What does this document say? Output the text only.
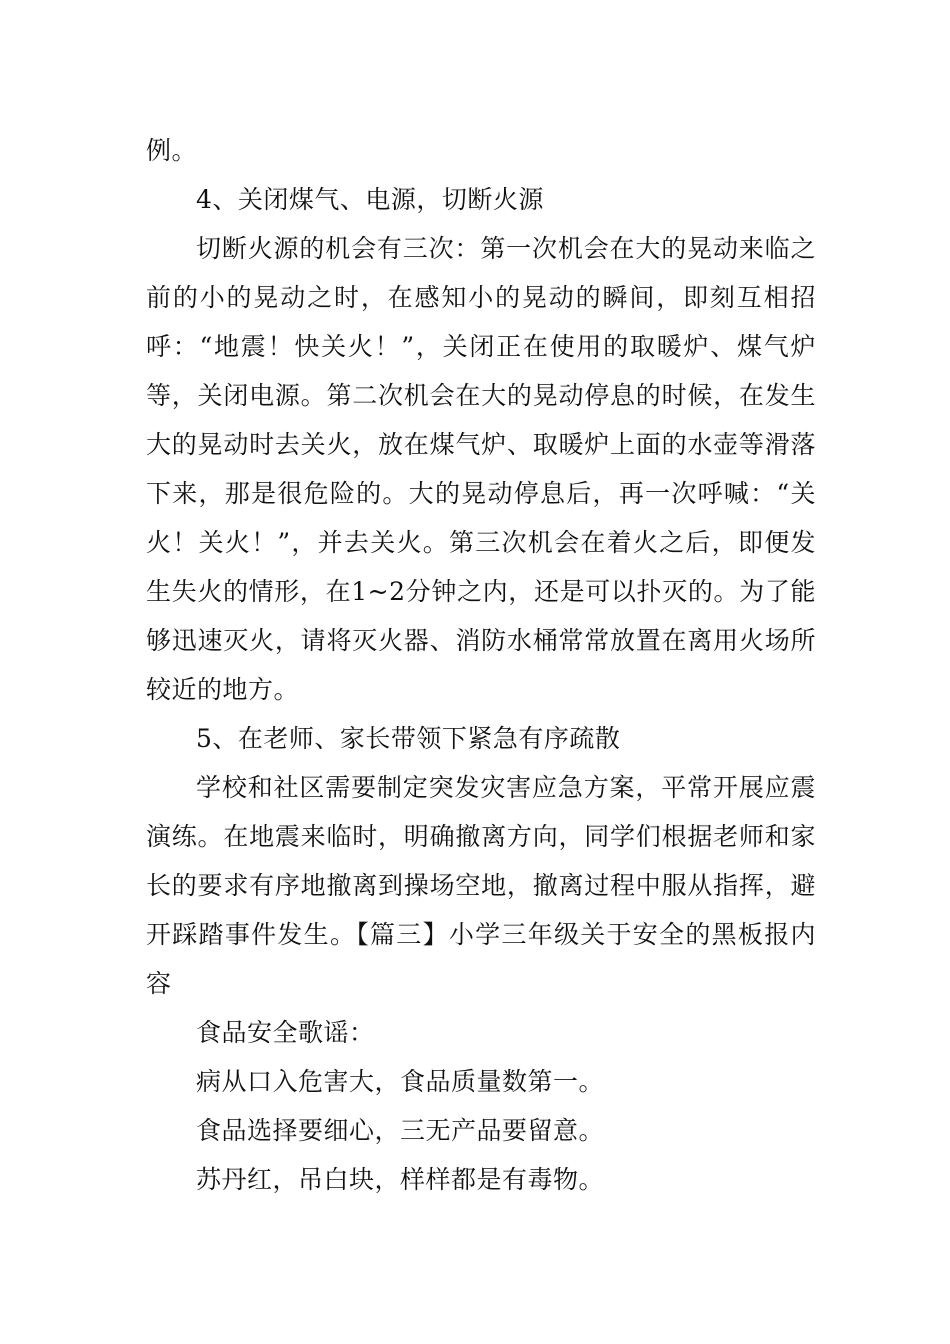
例。

4、关闭煤气、电源，切断火源

切断火源的机会有三次：第一次机会在大的晃动来临之前的小的晃动之时，在感知小的晃动的瞬间，即刻互相招呼：“地震！快关火！”，关闭正在使用的取暖炉、煤气炉等，关闭电源。第二次机会在大的晃动停息的时候，在发生大的晃动时去关火，放在煤气炉、取暖炉上面的水壶等滑落下来，那是很危险的。大的晃动停息后，再一次呼喊：“关火！关火！”，并去关火。第三次机会在着火之后，即便发生失火的情形，在1~2分钟之内，还是可以扑灭的。为了能够迅速灭火，请将灭火器、消防水桶常常放置在离用火场所较近的地方。

5、在老师、家长带领下紧急有序疏散

学校和社区需要制定突发灾害应急方案，平常开展应震演练。在地震来临时，明确撤离方向，同学们根据老师和家长的要求有序地撤离到操场空地，撤离过程中服从指挥，避开踩踏事件发生。【篇三】小学三年级关于安全的黑板报内容

食品安全歌谣：

病从口入危害大，食品质量数第一。

食品选择要细心，三无产品要留意。

苏丹红，吊白块，样样都是有毒物。
